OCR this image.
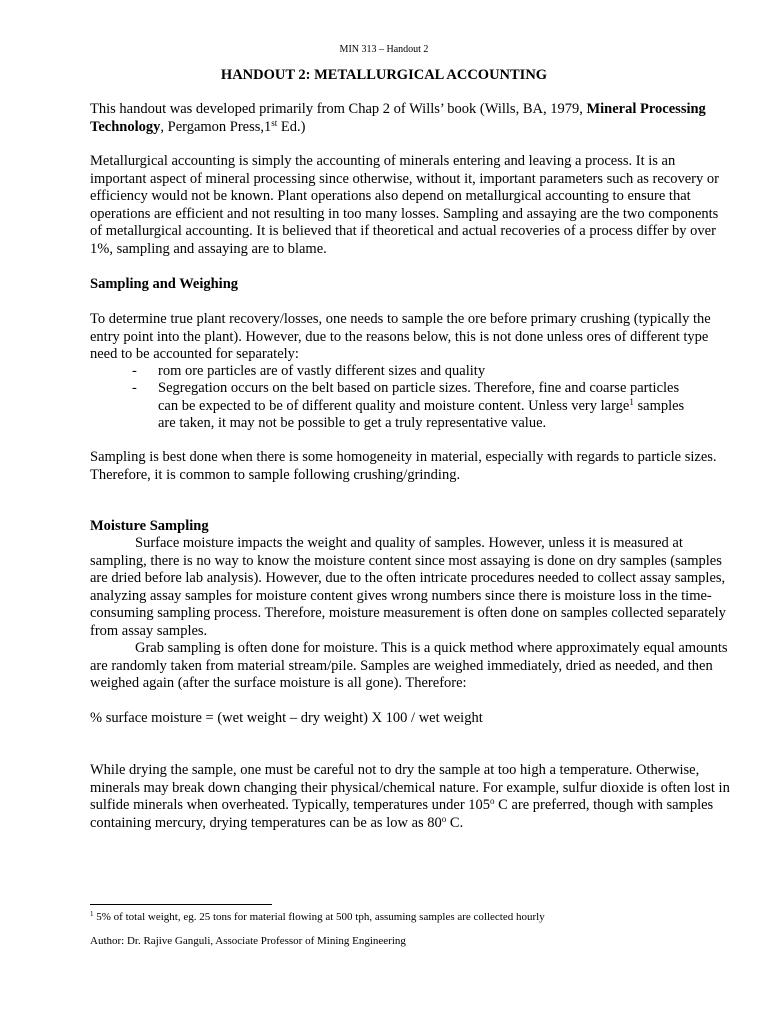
MIN 313 – Handout 2
HANDOUT 2: METALLURGICAL ACCOUNTING
This handout was developed primarily from Chap 2 of Wills’ book (Wills, BA, 1979, Mineral Processing Technology, Pergamon Press,1st Ed.)
Metallurgical accounting is simply the accounting of minerals entering and leaving a process. It is an important aspect of mineral processing since otherwise, without it, important parameters such as recovery or efficiency would not be known. Plant operations also depend on metallurgical accounting to ensure that operations are efficient and not resulting in too many losses. Sampling and assaying are the two components of metallurgical accounting. It is believed that if theoretical and actual recoveries of a process differ by over 1%, sampling and assaying are to blame.
Sampling and Weighing
To determine true plant recovery/losses, one needs to sample the ore before primary crushing (typically the entry point into the plant). However, due to the reasons below, this is not done unless ores of different type need to be accounted for separately:
- rom ore particles are of vastly different sizes and quality
- Segregation occurs on the belt based on particle sizes. Therefore, fine and coarse particles can be expected to be of different quality and moisture content. Unless very large$^1$ samples are taken, it may not be possible to get a truly representative value.
Sampling is best done when there is some homogeneity in material, especially with regards to particle sizes. Therefore, it is common to sample following crushing/grinding.
Moisture Sampling
Surface moisture impacts the weight and quality of samples. However, unless it is measured at sampling, there is no way to know the moisture content since most assaying is done on dry samples (samples are dried before lab analysis). However, due to the often intricate procedures needed to collect assay samples, analyzing assay samples for moisture content gives wrong numbers since there is moisture loss in the time-consuming sampling process. Therefore, moisture measurement is often done on samples collected separately from assay samples.
Grab sampling is often done for moisture. This is a quick method where approximately equal amounts are randomly taken from material stream/pile. Samples are weighed immediately, dried as needed, and then weighed again (after the surface moisture is all gone). Therefore:
% surface moisture = (wet weight – dry weight) X 100 / wet weight
While drying the sample, one must be careful not to dry the sample at too high a temperature. Otherwise, minerals may break down changing their physical/chemical nature. For example, sulfur dioxide is often lost in sulfide minerals when overheated. Typically, temperatures under 105$^o$ C are preferred, though with samples containing mercury, drying temperatures can be as low as 80$^o$ C.
$^1$ 5% of total weight, eg. 25 tons for material flowing at 500 tph, assuming samples are collected hourly
Author: Dr. Rajive Ganguli, Associate Professor of Mining Engineering
